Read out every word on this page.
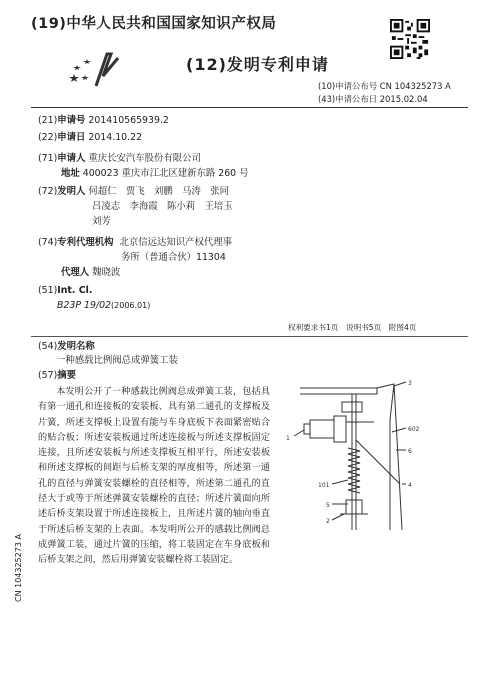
(19)中华人民共和国国家知识产权局
(12)发明专利申请
(10)申请公布号 CN 104325273 A
(43)申请公布日 2015.02.04
(21)申请号 201410565939.2
(22)申请日 2014.10.22
(71)申请人 重庆长安汽车股份有限公司
地址 400023 重庆市江北区建新东路 260 号
(72)发明人 何超仁　贾飞　刘鹏　马涛　张同
吕凌志　李海霞　陈小莉　王培玉
刘芳
(74)专利代理机构 北京信远达知识产权代理事
务所（普通合伙）11304
代理人 魏晓波
(51)Int. Cl.
B23P 19/02(2006.01)
权利要求书1页　说明书5页　附图4页
(54)发明名称
一种感载比例阀总成弹簧工装
(57)摘要
本发明公开了一种感载比例阀总成弹簧工装，包括具有第一通孔和连接板的安装板、具有第二通孔的支撑板及片簧，所述支撑板上设置有能与车身底板下表面紧密贴合的贴合板；所述安装板通过所述连接板与所述支撑板固定连接，且所述安装板与所述支撑板互相平行，所述安装板和所述支撑板的间距与后桥支架的厚度相等，所述第一通孔的直径与弹簧安装螺栓的直径相等，所述第二通孔的直径大于或等于所述弹簧安装螺栓的直径；所述片簧面向所述后桥支架设置于所述连接板上，且所述片簧的轴向垂直于所述后桥支架的上表面。本发明所公开的感载比例阀总成弹簧工装，通过片簧的压缩，将工装固定在车身底板和后桥支架之间，然后用弹簧安装螺栓将工装固定。
CN 104325273 A
3
602
6
1
101	4
5
2
